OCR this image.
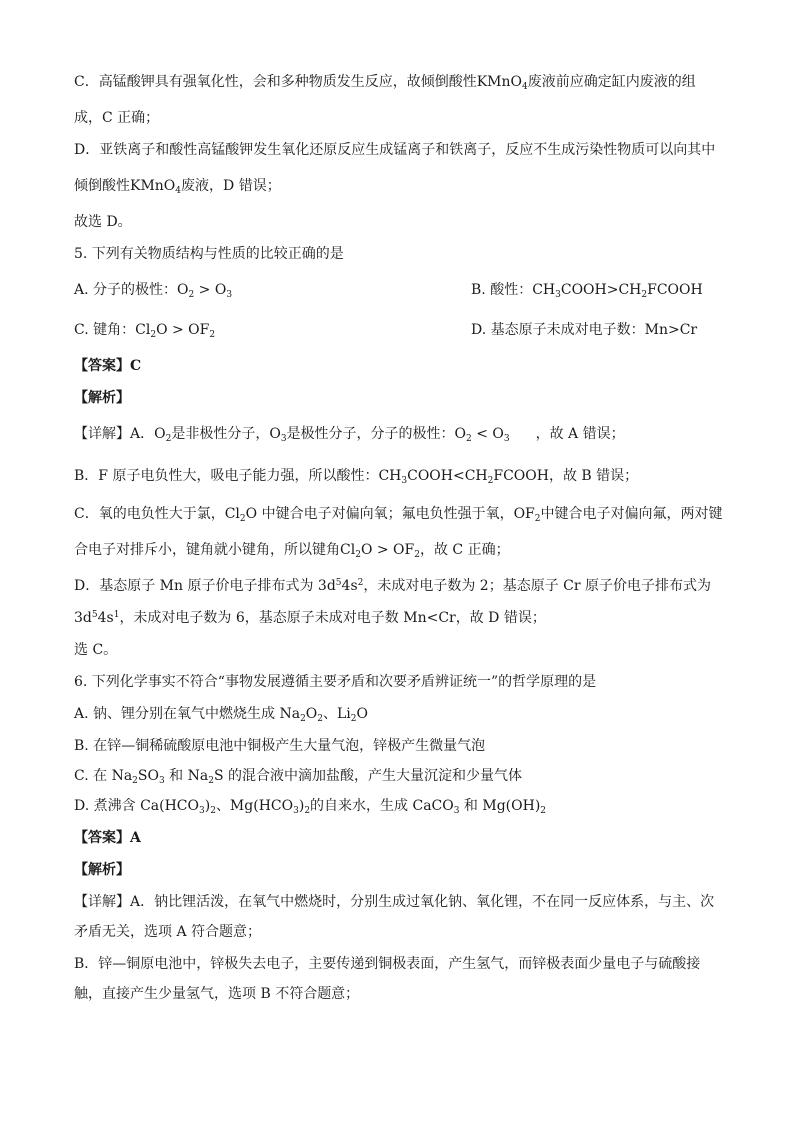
C．高锰酸钾具有强氧化性，会和多种物质发生反应，故倾倒酸性KMnO$_4$废液前应确定缸内废液的组
成，C 正确；
D．亚铁离子和酸性高锰酸钾发生氧化还原反应生成锰离子和铁离子，反应不生成污染性物质可以向其中
倾倒酸性KMnO$_4$废液，D 错误；
故选 D。
5. 下列有关物质结构与性质的比较正确的是
A. 分子的极性：$O_2 > O_3$	B. 酸性：$CH_3COOH>CH_2FCOOH$
C. 键角：$Cl_2O > OF_2$	D. 基态原子未成对电子数：Mn>Cr
【答案】C
【解析】
【详解】A．$O_2$是非极性分子，$O_3$是极性分子，分子的极性：$O_2 < O_3$ ，故 A 错误；
B．F 原子电负性大，吸电子能力强，所以酸性：$CH_3COOH<CH_2FCOOH$，故 B 错误；
C．氧的电负性大于氯，$Cl_2O$ 中键合电子对偏向氧；氟电负性强于氧，$OF_2$中键合电子对偏向氟，两对键
合电子对排斥小，键角就小键角，所以键角$Cl_2O > OF_2$，故 C 正确；
D．基态原子 Mn 原子价电子排布式为 $3d^54s^2$，未成对电子数为 2；基态原子 Cr 原子价电子排布式为
$3d^54s^1$，未成对电子数为 6，基态原子未成对电子数 Mn<Cr，故 D 错误；
选 C。
6. 下列化学事实不符合“事物发展遵循主要矛盾和次要矛盾辨证统一”的哲学原理的是
A. 钠、锂分别在氧气中燃烧生成 $Na_2O_2$、$Li_2O$
B. 在锌—铜稀硫酸原电池中铜极产生大量气泡，锌极产生微量气泡
C. 在 $Na_2SO_3$ 和 $Na_2S$ 的混合液中滴加盐酸，产生大量沉淀和少量气体
D. 煮沸含 $Ca(HCO_3)_2$、$Mg(HCO_3)_2$的自来水，生成 CaCO$_3$ 和 $Mg(OH)_2$
【答案】A
【解析】
【详解】A．钠比锂活泼，在氧气中燃烧时，分别生成过氧化钠、氧化锂，不在同一反应体系，与主、次
矛盾无关，选项 A 符合题意；
B．锌—铜原电池中，锌极失去电子，主要传递到铜极表面，产生氢气，而锌极表面少量电子与硫酸接
触，直接产生少量氢气，选项 B 不符合题意；
